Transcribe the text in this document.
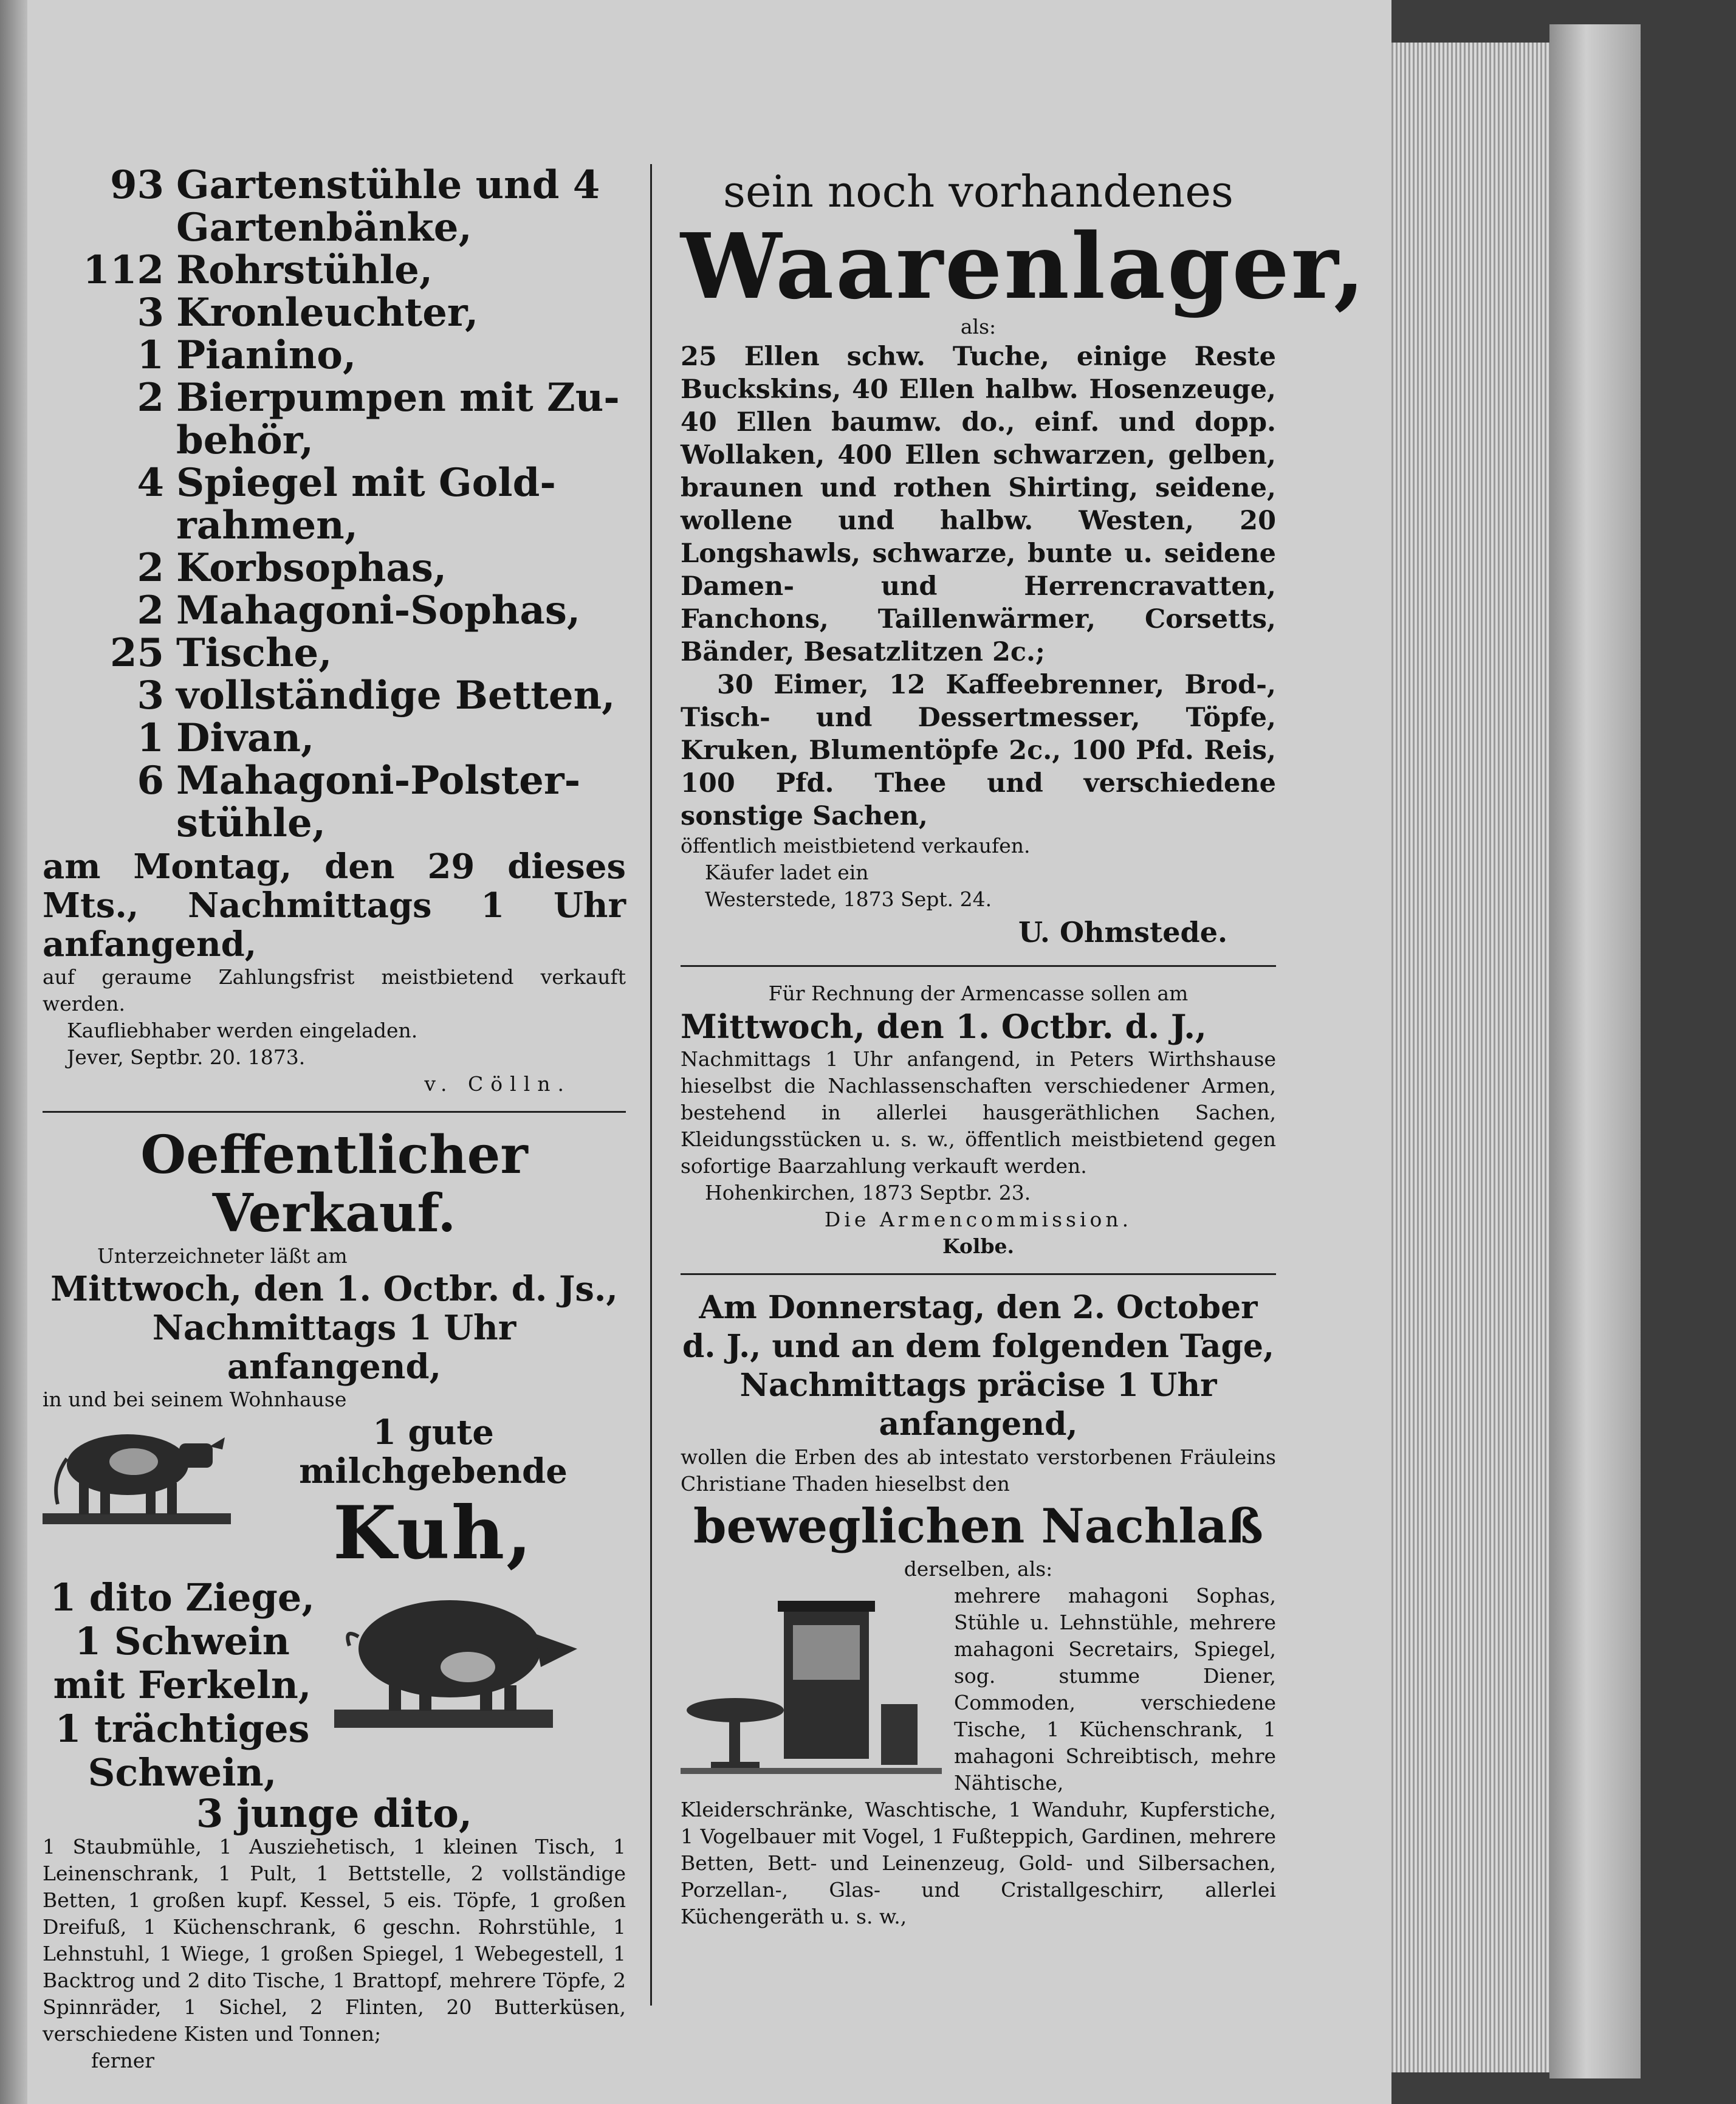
93 Gartenstühle und 4
Gartenbänke,
112 Rohrstühle,
3 Kronleuchter,
1 Pianino,
2 Bierpumpen mit Zu-
behör,
4 Spiegel mit Gold-
rahmen,
2 Korbsophas,
2 Mahagoni-Sophas,
25 Tische,
3 vollständige Betten,
1 Divan,
6 Mahagoni-Polster-
stühle,
am Montag, den 29 dieses Mts., Nachmittags 1 Uhr anfangend,
auf geraume Zahlungsfrist meistbietend verkauft werden.
Kaufliebhaber werden eingeladen.
Jever, Septbr. 20. 1873.
v. Cölln.
Oeffentlicher Verkauf.
Unterzeichneter läßt am
Mittwoch, den 1. Octbr. d. Js.,
Nachmittags 1 Uhr anfangend,
in und bei seinem Wohnhause
1 gute milchgebende
Kuh,
1 dito Ziege,
1 Schwein
mit Ferkeln,
1 trächtiges
Schwein,
3 junge dito,
1 Staubmühle, 1 Ausziehetisch, 1 kleinen Tisch, 1 Leinenschrank, 1 Pult, 1 Bettstelle, 2 vollständige Betten, 1 großen kupf. Kessel, 5 eis. Töpfe, 1 großen Dreifuß, 1 Küchenschrank, 6 geschn. Rohrstühle, 1 Lehnstuhl, 1 Wiege, 1 großen Spiegel, 1 Webegestell, 1 Backtrog und 2 dito Tische, 1 Brattopf, mehrere Töpfe, 2 Spinnräder, 1 Sichel, 2 Flinten, 20 Butterküsen, verschiedene Kisten und Tonnen;
ferner
sein noch vorhandenes
Waarenlager,
als:
25 Ellen schw. Tuche, einige Reste Buckskins, 40 Ellen halbw. Hosenzeuge, 40 Ellen baumw. do., einf. und dopp. Wollaken, 400 Ellen schwarzen, gelben, braunen und rothen Shirting, seidene, wollene und halbw. Westen, 20 Longshawls, schwarze, bunte u. seidene Damen- und Herrencravatten, Fanchons, Taillenwärmer, Corsetts, Bänder, Besatzlitzen 2c.;
30 Eimer, 12 Kaffeebrenner, Brod-, Tisch- und Dessertmesser, Töpfe, Kruken, Blumentöpfe 2c., 100 Pfd. Reis, 100 Pfd. Thee und verschiedene sonstige Sachen,
öffentlich meistbietend verkaufen.
Käufer ladet ein
Westerstede, 1873 Sept. 24.
U. Ohmstede.
Für Rechnung der Armencasse sollen am
Mittwoch, den 1. Octbr. d. J.,
Nachmittags 1 Uhr anfangend, in Peters Wirthshause hieselbst die Nachlassenschaften verschiedener Armen, bestehend in allerlei hausgeräthlichen Sachen, Kleidungsstücken u. s. w., öffentlich meistbietend gegen sofortige Baarzahlung verkauft werden.
Hohenkirchen, 1873 Septbr. 23.
Die Armencommission.
Kolbe.
Am Donnerstag, den 2. October d. J., und an dem folgenden Tage, Nachmittags präcise 1 Uhr anfangend,
wollen die Erben des ab intestato verstorbenen Fräuleins Christiane Thaden hieselbst den
beweglichen Nachlaß
derselben, als:
mehrere mahagoni Sophas, Stühle u. Lehnstühle, mehrere mahagoni Secretairs, Spiegel, sog. stumme Diener, Commoden, verschiedene Tische, 1 Küchenschrank, 1 mahagoni Schreibtisch, mehre Nähtische,
Kleiderschränke, Waschtische, 1 Wanduhr, Kupferstiche, 1 Vogelbauer mit Vogel, 1 Fußteppich, Gardinen, mehrere Betten, Bett- und Leinenzeug, Gold- und Silbersachen, Porzellan-, Glas- und Cristallgeschirr, allerlei Küchengeräth u. s. w.,
